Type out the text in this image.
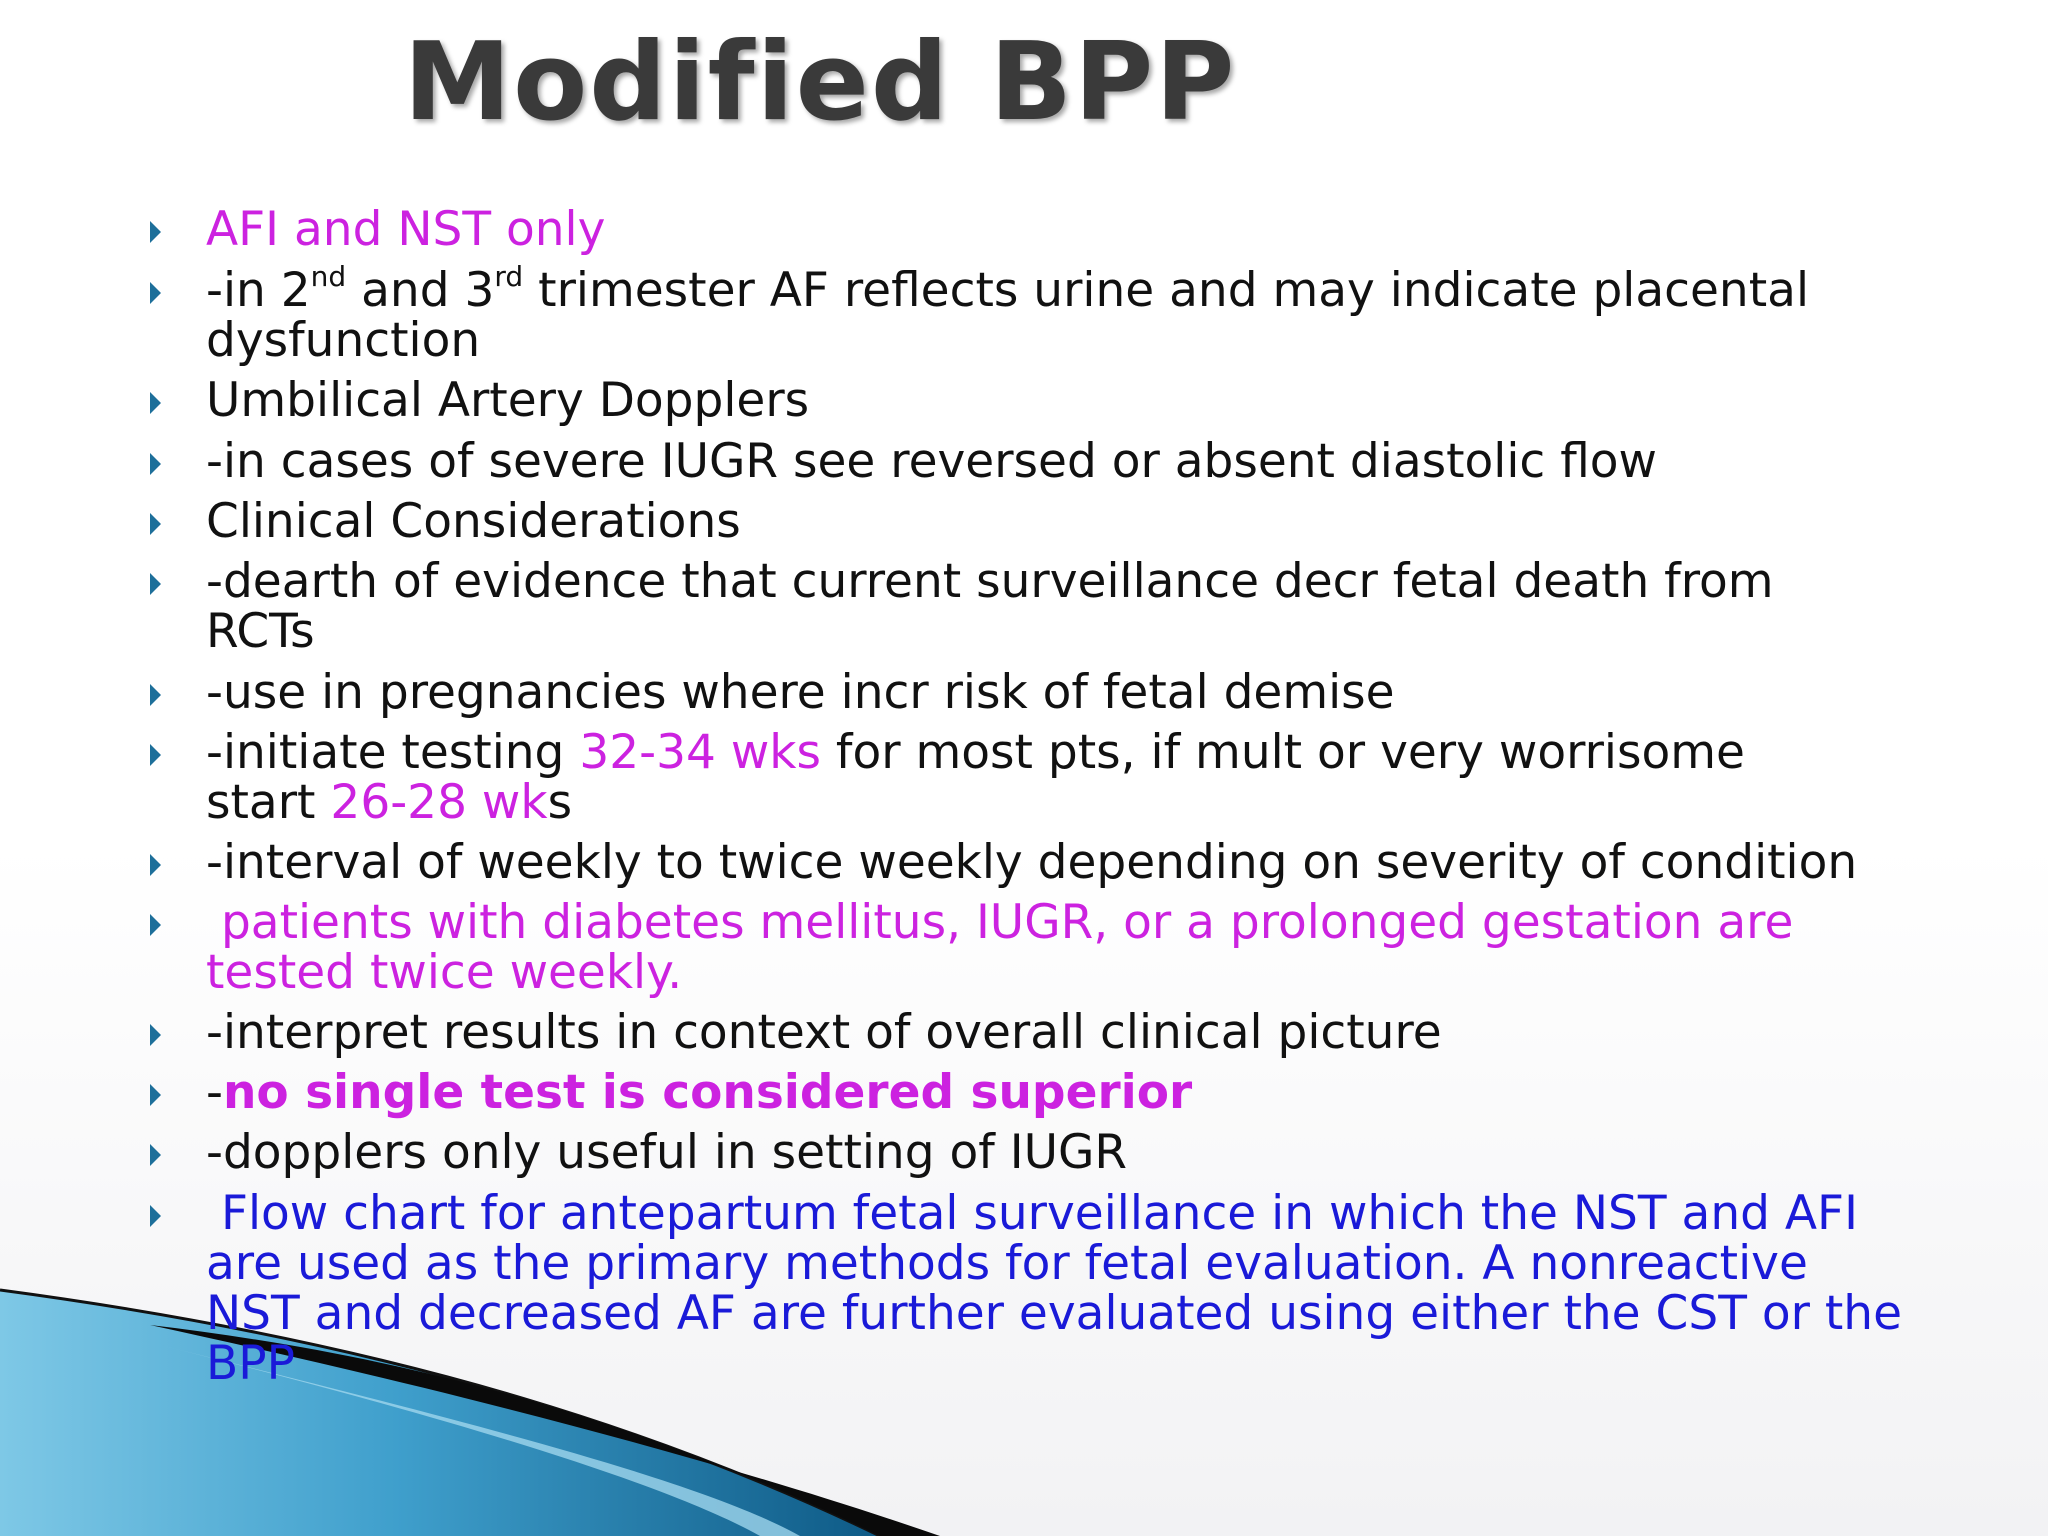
Modified BPP
AFI and NST only
-in 2nd and 3rd trimester AF reflects urine and may indicate placental
dysfunction
Umbilical Artery Dopplers
-in cases of severe IUGR see reversed or absent diastolic flow
Clinical Considerations
-dearth of evidence that current surveillance decr fetal death from
RCTs
-use in pregnancies where incr risk of fetal demise
-initiate testing 32-34 wks for most pts, if mult or very worrisome
start 26-28 wks
-interval of weekly to twice weekly depending on severity of condition
patients with diabetes mellitus, IUGR, or a prolonged gestation are
tested twice weekly.
-interpret results in context of overall clinical picture
-no single test is considered superior
-dopplers only useful in setting of IUGR
Flow chart for antepartum fetal surveillance in which the NST and AFI
are used as the primary methods for fetal evaluation. A nonreactive
NST and decreased AF are further evaluated using either the CST or the
BPP
